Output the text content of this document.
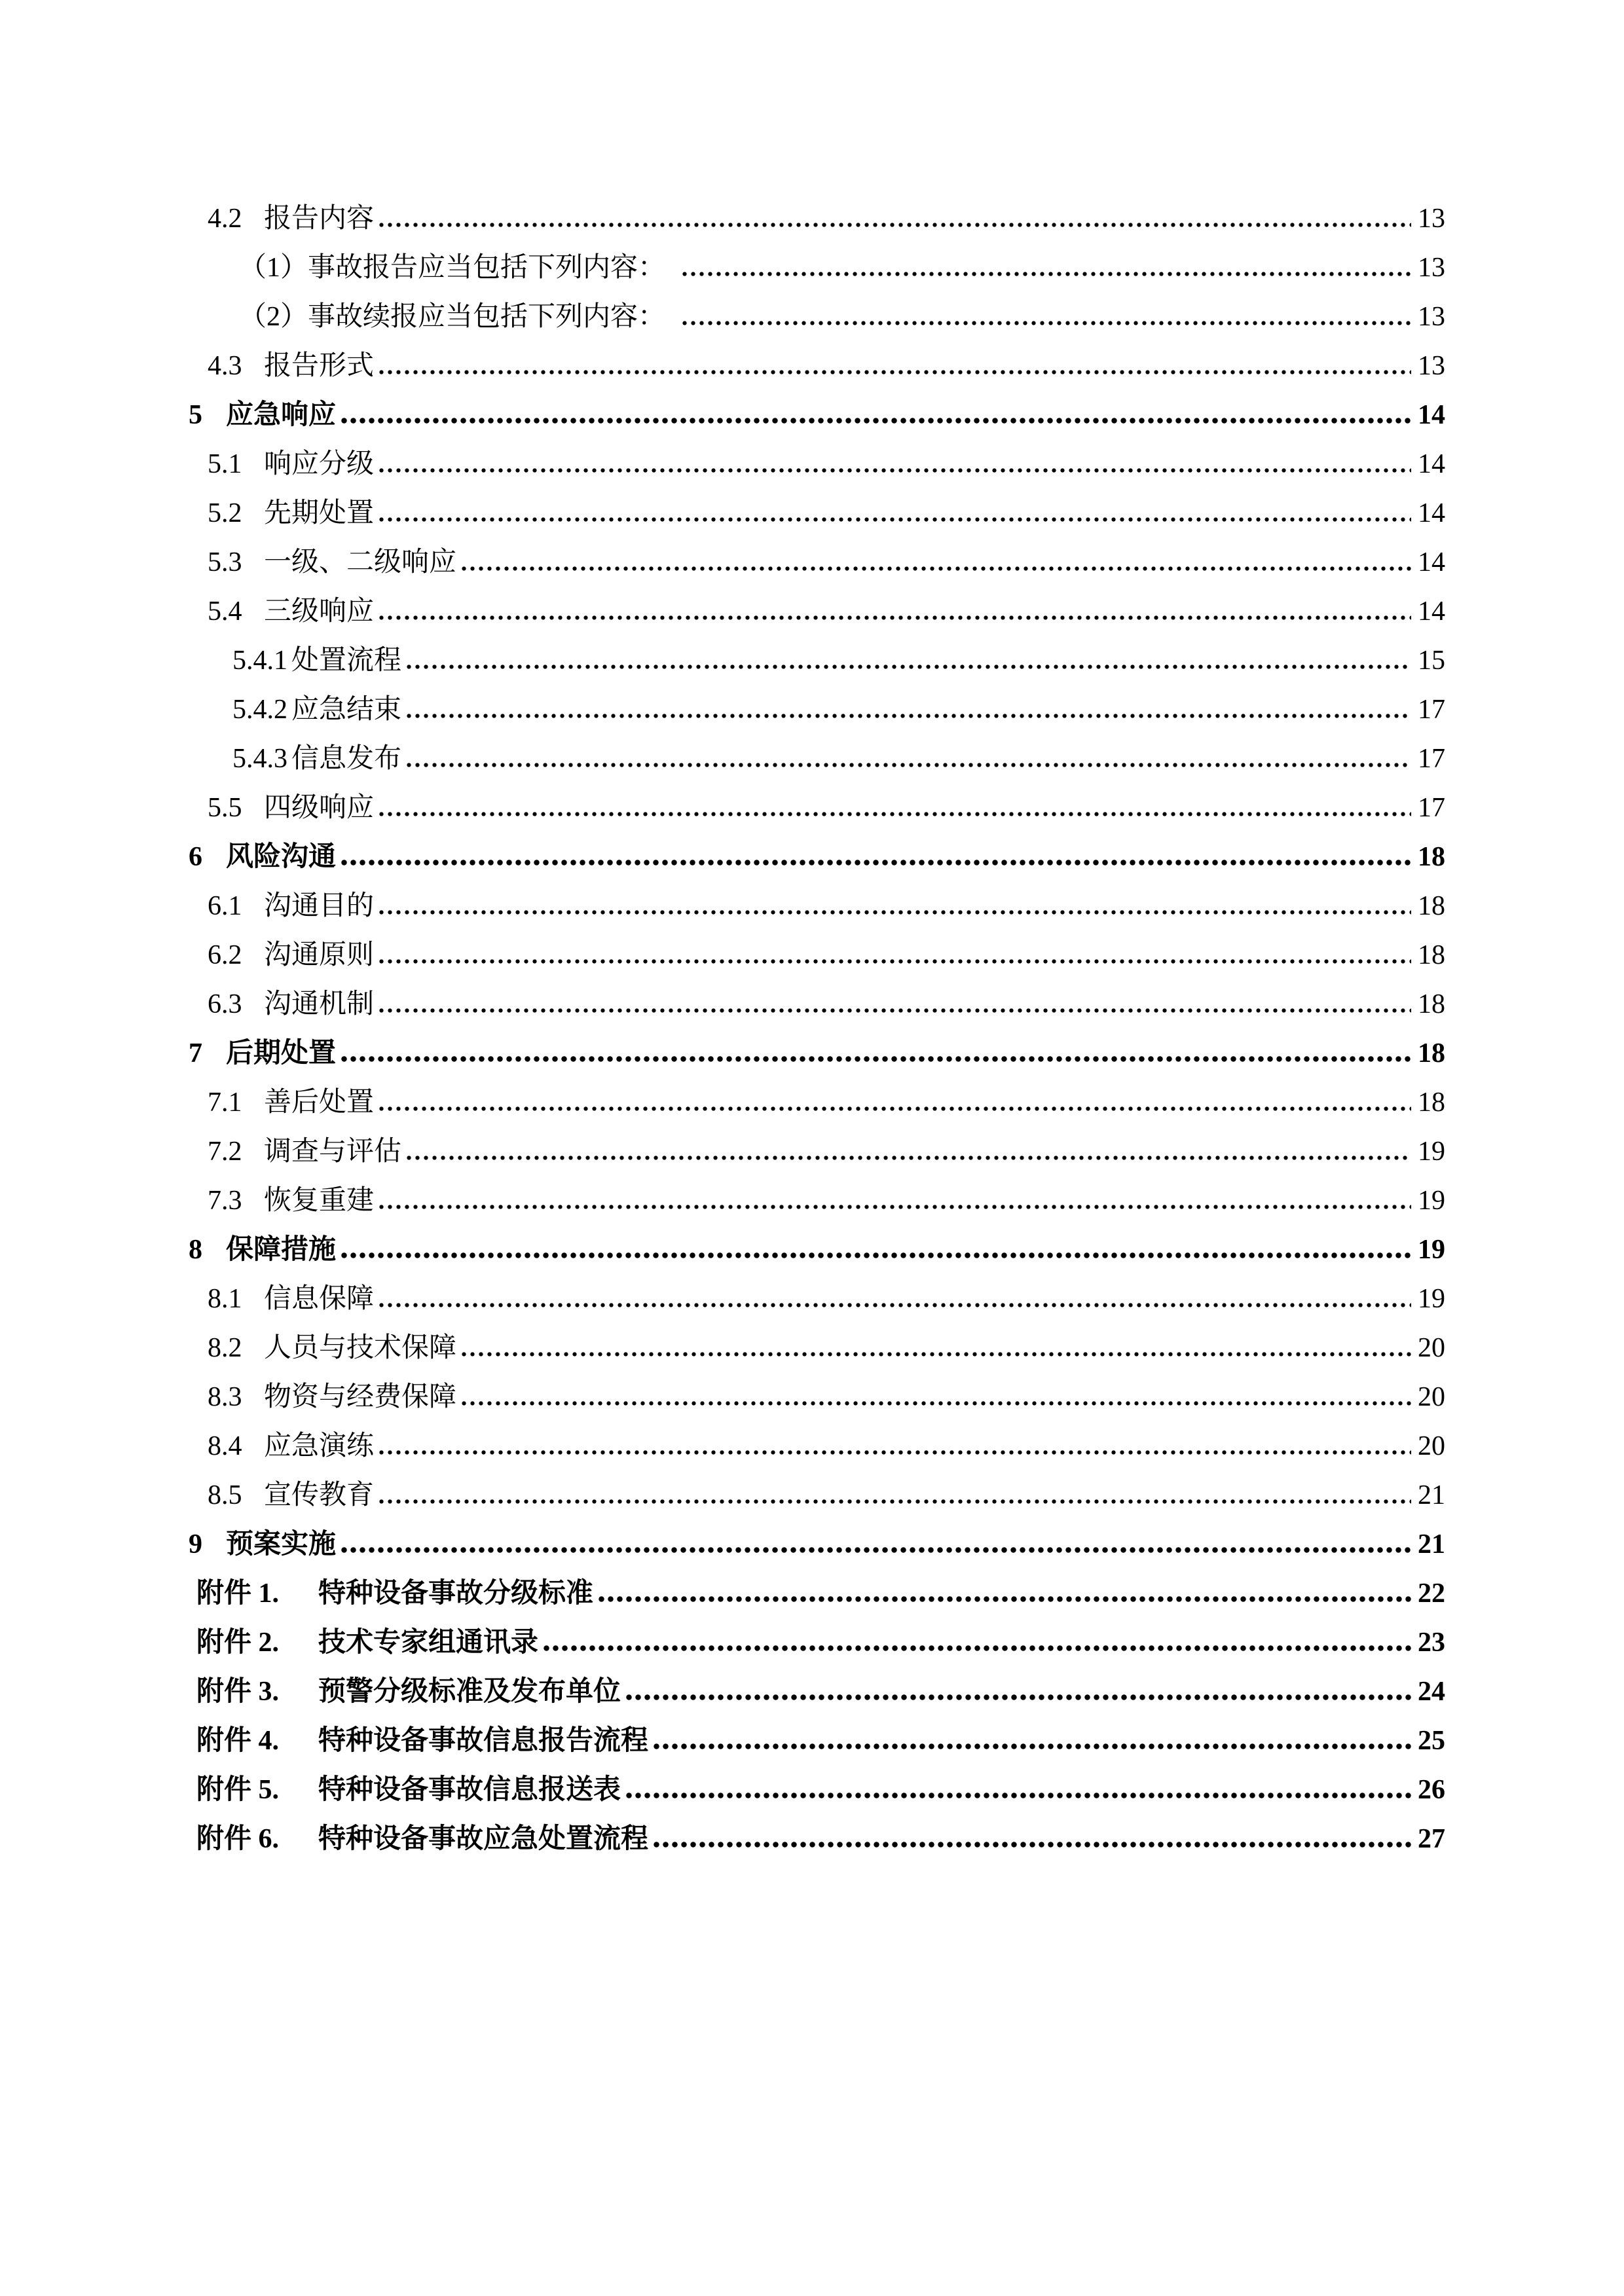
4.2 报告内容	13
（1）事故报告应当包括下列内容：	13
（2）事故续报应当包括下列内容：	13
4.3 报告形式	13
5 应急响应	14
5.1 响应分级	14
5.2 先期处置	14
5.3 一级、二级响应	14
5.4 三级响应	14
5.4.1 处置流程	15
5.4.2 应急结束	17
5.4.3 信息发布	17
5.5 四级响应	17
6 风险沟通	18
6.1 沟通目的	18
6.2 沟通原则	18
6.3 沟通机制	18
7 后期处置	18
7.1 善后处置	18
7.2 调查与评估	19
7.3 恢复重建	19
8 保障措施	19
8.1 信息保障	19
8.2 人员与技术保障	20
8.3 物资与经费保障	20
8.4 应急演练	20
8.5 宣传教育	21
9 预案实施	21
附件 1.	特种设备事故分级标准	22
附件 2.	技术专家组通讯录	23
附件 3.	预警分级标准及发布单位	24
附件 4.	特种设备事故信息报告流程	25
附件 5.	特种设备事故信息报送表	26
附件 6.	特种设备事故应急处置流程	27
